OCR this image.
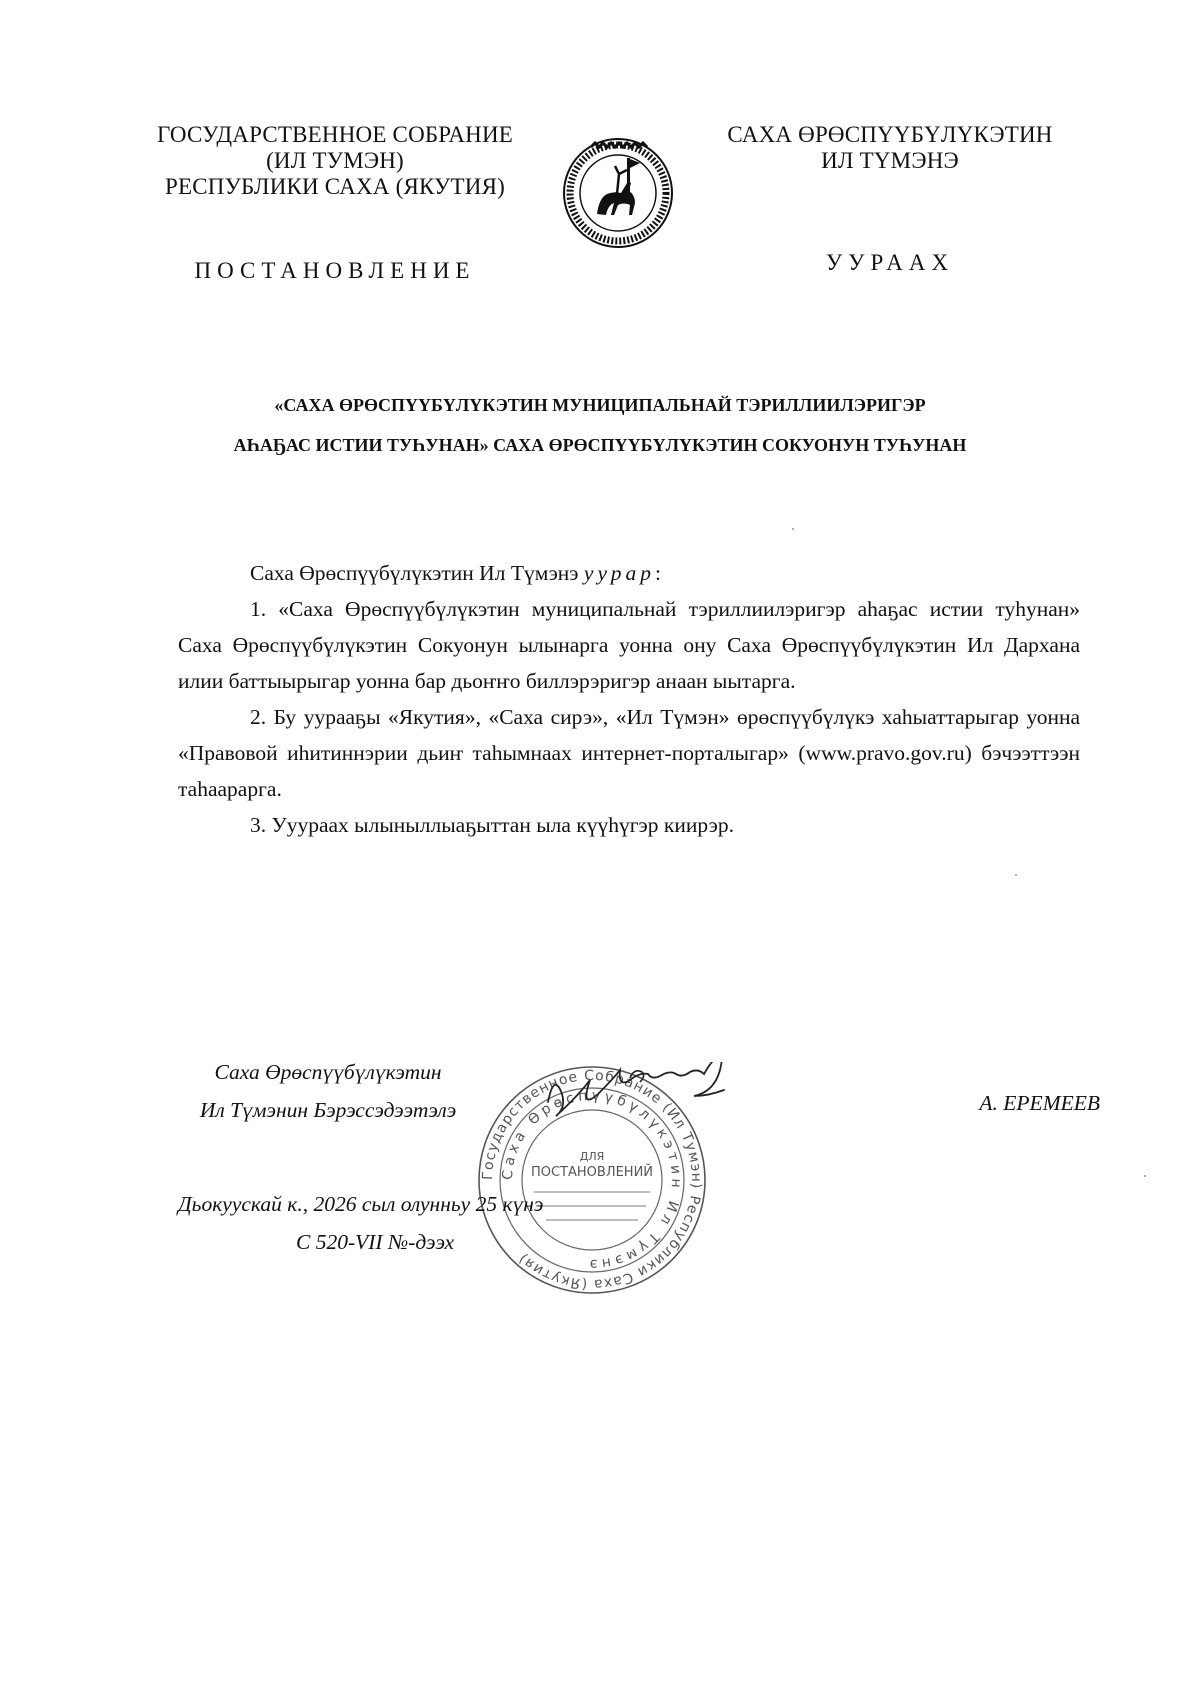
ГОСУДАРСТВЕННОЕ СОБРАНИЕ
(ИЛ ТУМЭН)
РЕСПУБЛИКИ САХА (ЯКУТИЯ)
САХА ӨРӨСПҮҮБҮЛҮКЭТИН
ИЛ ТҮМЭНЭ
ПОСТАНОВЛЕНИЕ	УУРААХ
«САХА ӨРӨСПҮҮБҮЛҮКЭТИН МУНИЦИПАЛЬНАЙ ТЭРИЛЛИИЛЭРИГЭР
АҺАҔАС ИСТИИ ТУҺУНАН» САХА ӨРӨСПҮҮБҮЛҮКЭТИН СОКУОНУН ТУҺУНАН

Саха Өрөспүүбүлүкэтин Ил Түмэнэ уурар:

1. «Саха Өрөспүүбүлүкэтин муниципальнай тэриллиилэригэр аһаҕас истии туһунан» Саха Өрөспүүбүлүкэтин Сокуонун ылынарга уонна ону Саха Өрөспүүбүлүкэтин Ил Дархана илии баттыырыгар уонна бар дьоҥҥо биллэрэригэр анаан ыытарга.

2. Бу уурааҕы «Якутия», «Саха сирэ», «Ил Түмэн» өрөспүүбүлүкэ хаһыаттарыгар уонна «Правовой иһитиннэрии дьиҥ таһымнаах интернет-порталыгар» (www.pravo.gov.ru) бэчээттээн таһаарарга.

3. Ууураах ылыныллыаҕыттан ыла күүһүгэр киирэр.

Государственное Собрание (Ил Тумэн) Республики Саха (Якутия)
Саха Өрөспүүбүлүкэтин Ил Түмэнэ
ДЛЯ
ПОСТАНОВЛЕНИЙ
Саха Өрөспүүбүлүкэтин
Ил Түмэнин Бэрэссэдээтэлэ	А. ЕРЕМЕЕВ
Дьокуускай к., 2026 сыл олунньу 25 күнэ
С 520-VII №-дээх
